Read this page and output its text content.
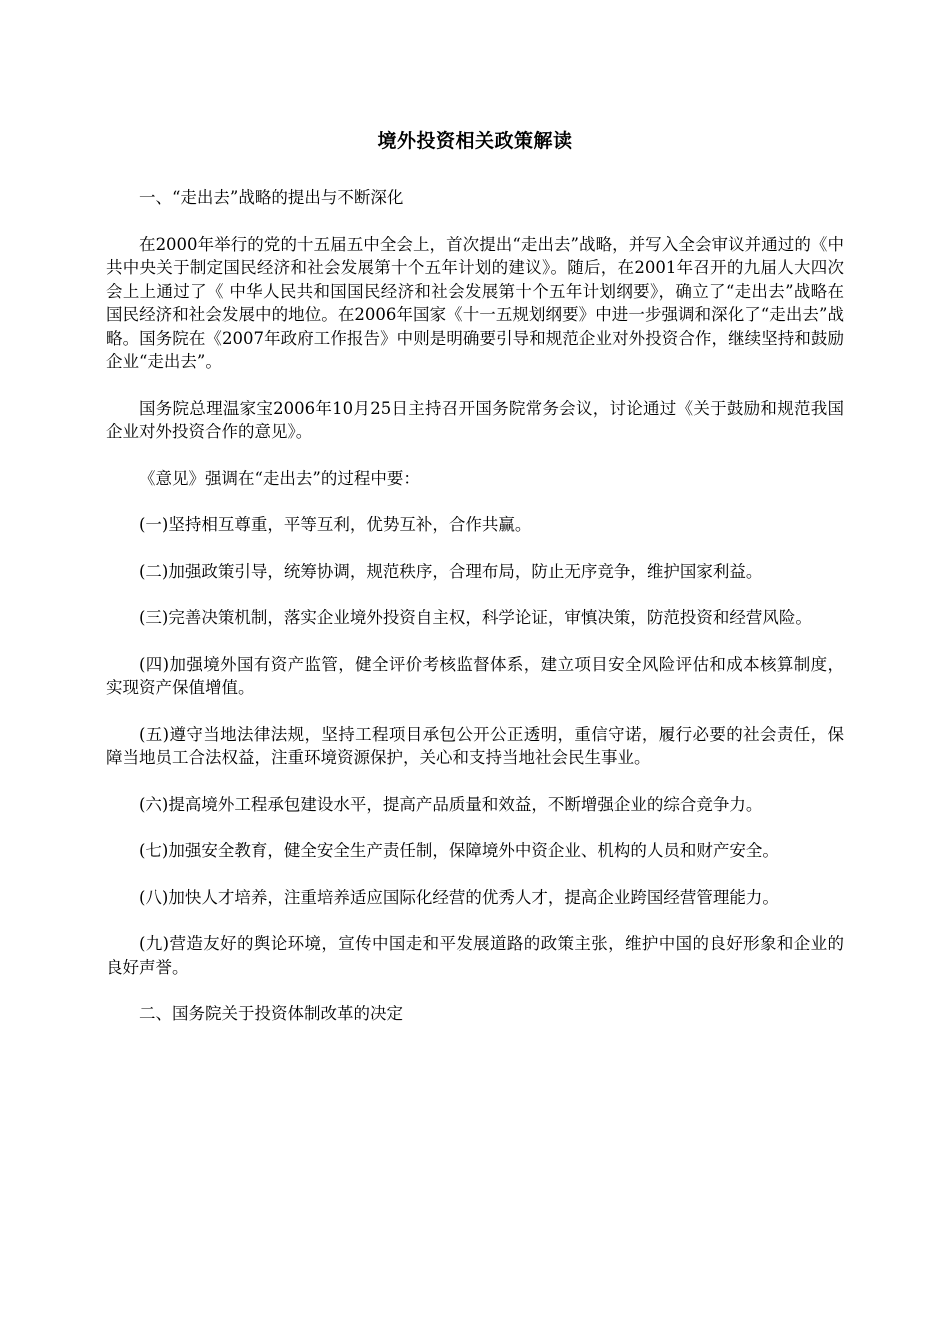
境外投资相关政策解读

一、“走出去”战略的提出与不断深化

在2000年举行的党的十五届五中全会上，首次提出“走出去”战略，并写入全会审议并通过的《中共中央关于制定国民经济和社会发展第十个五年计划的建议》。随后，在2001年召开的九届人大四次会上上通过了《 中华人民共和国国民经济和社会发展第十个五年计划纲要》，确立了“走出去”战略在国民经济和社会发展中的地位。在2006年国家《十一五规划纲要》中进一步强调和深化了“走出去”战略。国务院在《2007年政府工作报告》中则是明确要引导和规范企业对外投资合作，继续坚持和鼓励企业“走出去”。

国务院总理温家宝2006年10月25日主持召开国务院常务会议，讨论通过《关于鼓励和规范我国企业对外投资合作的意见》。

《意见》强调在“走出去”的过程中要：

(一)坚持相互尊重，平等互利，优势互补，合作共赢。

(二)加强政策引导，统筹协调，规范秩序，合理布局，防止无序竞争，维护国家利益。

(三)完善决策机制，落实企业境外投资自主权，科学论证，审慎决策，防范投资和经营风险。

(四)加强境外国有资产监管，健全评价考核监督体系，建立项目安全风险评估和成本核算制度，实现资产保值增值。

(五)遵守当地法律法规，坚持工程项目承包公开公正透明，重信守诺，履行必要的社会责任，保障当地员工合法权益，注重环境资源保护，关心和支持当地社会民生事业。

(六)提高境外工程承包建设水平，提高产品质量和效益，不断增强企业的综合竞争力。

(七)加强安全教育，健全安全生产责任制，保障境外中资企业、机构的人员和财产安全。

(八)加快人才培养，注重培养适应国际化经营的优秀人才，提高企业跨国经营管理能力。

(九)营造友好的舆论环境，宣传中国走和平发展道路的政策主张，维护中国的良好形象和企业的良好声誉。

二、国务院关于投资体制改革的决定
